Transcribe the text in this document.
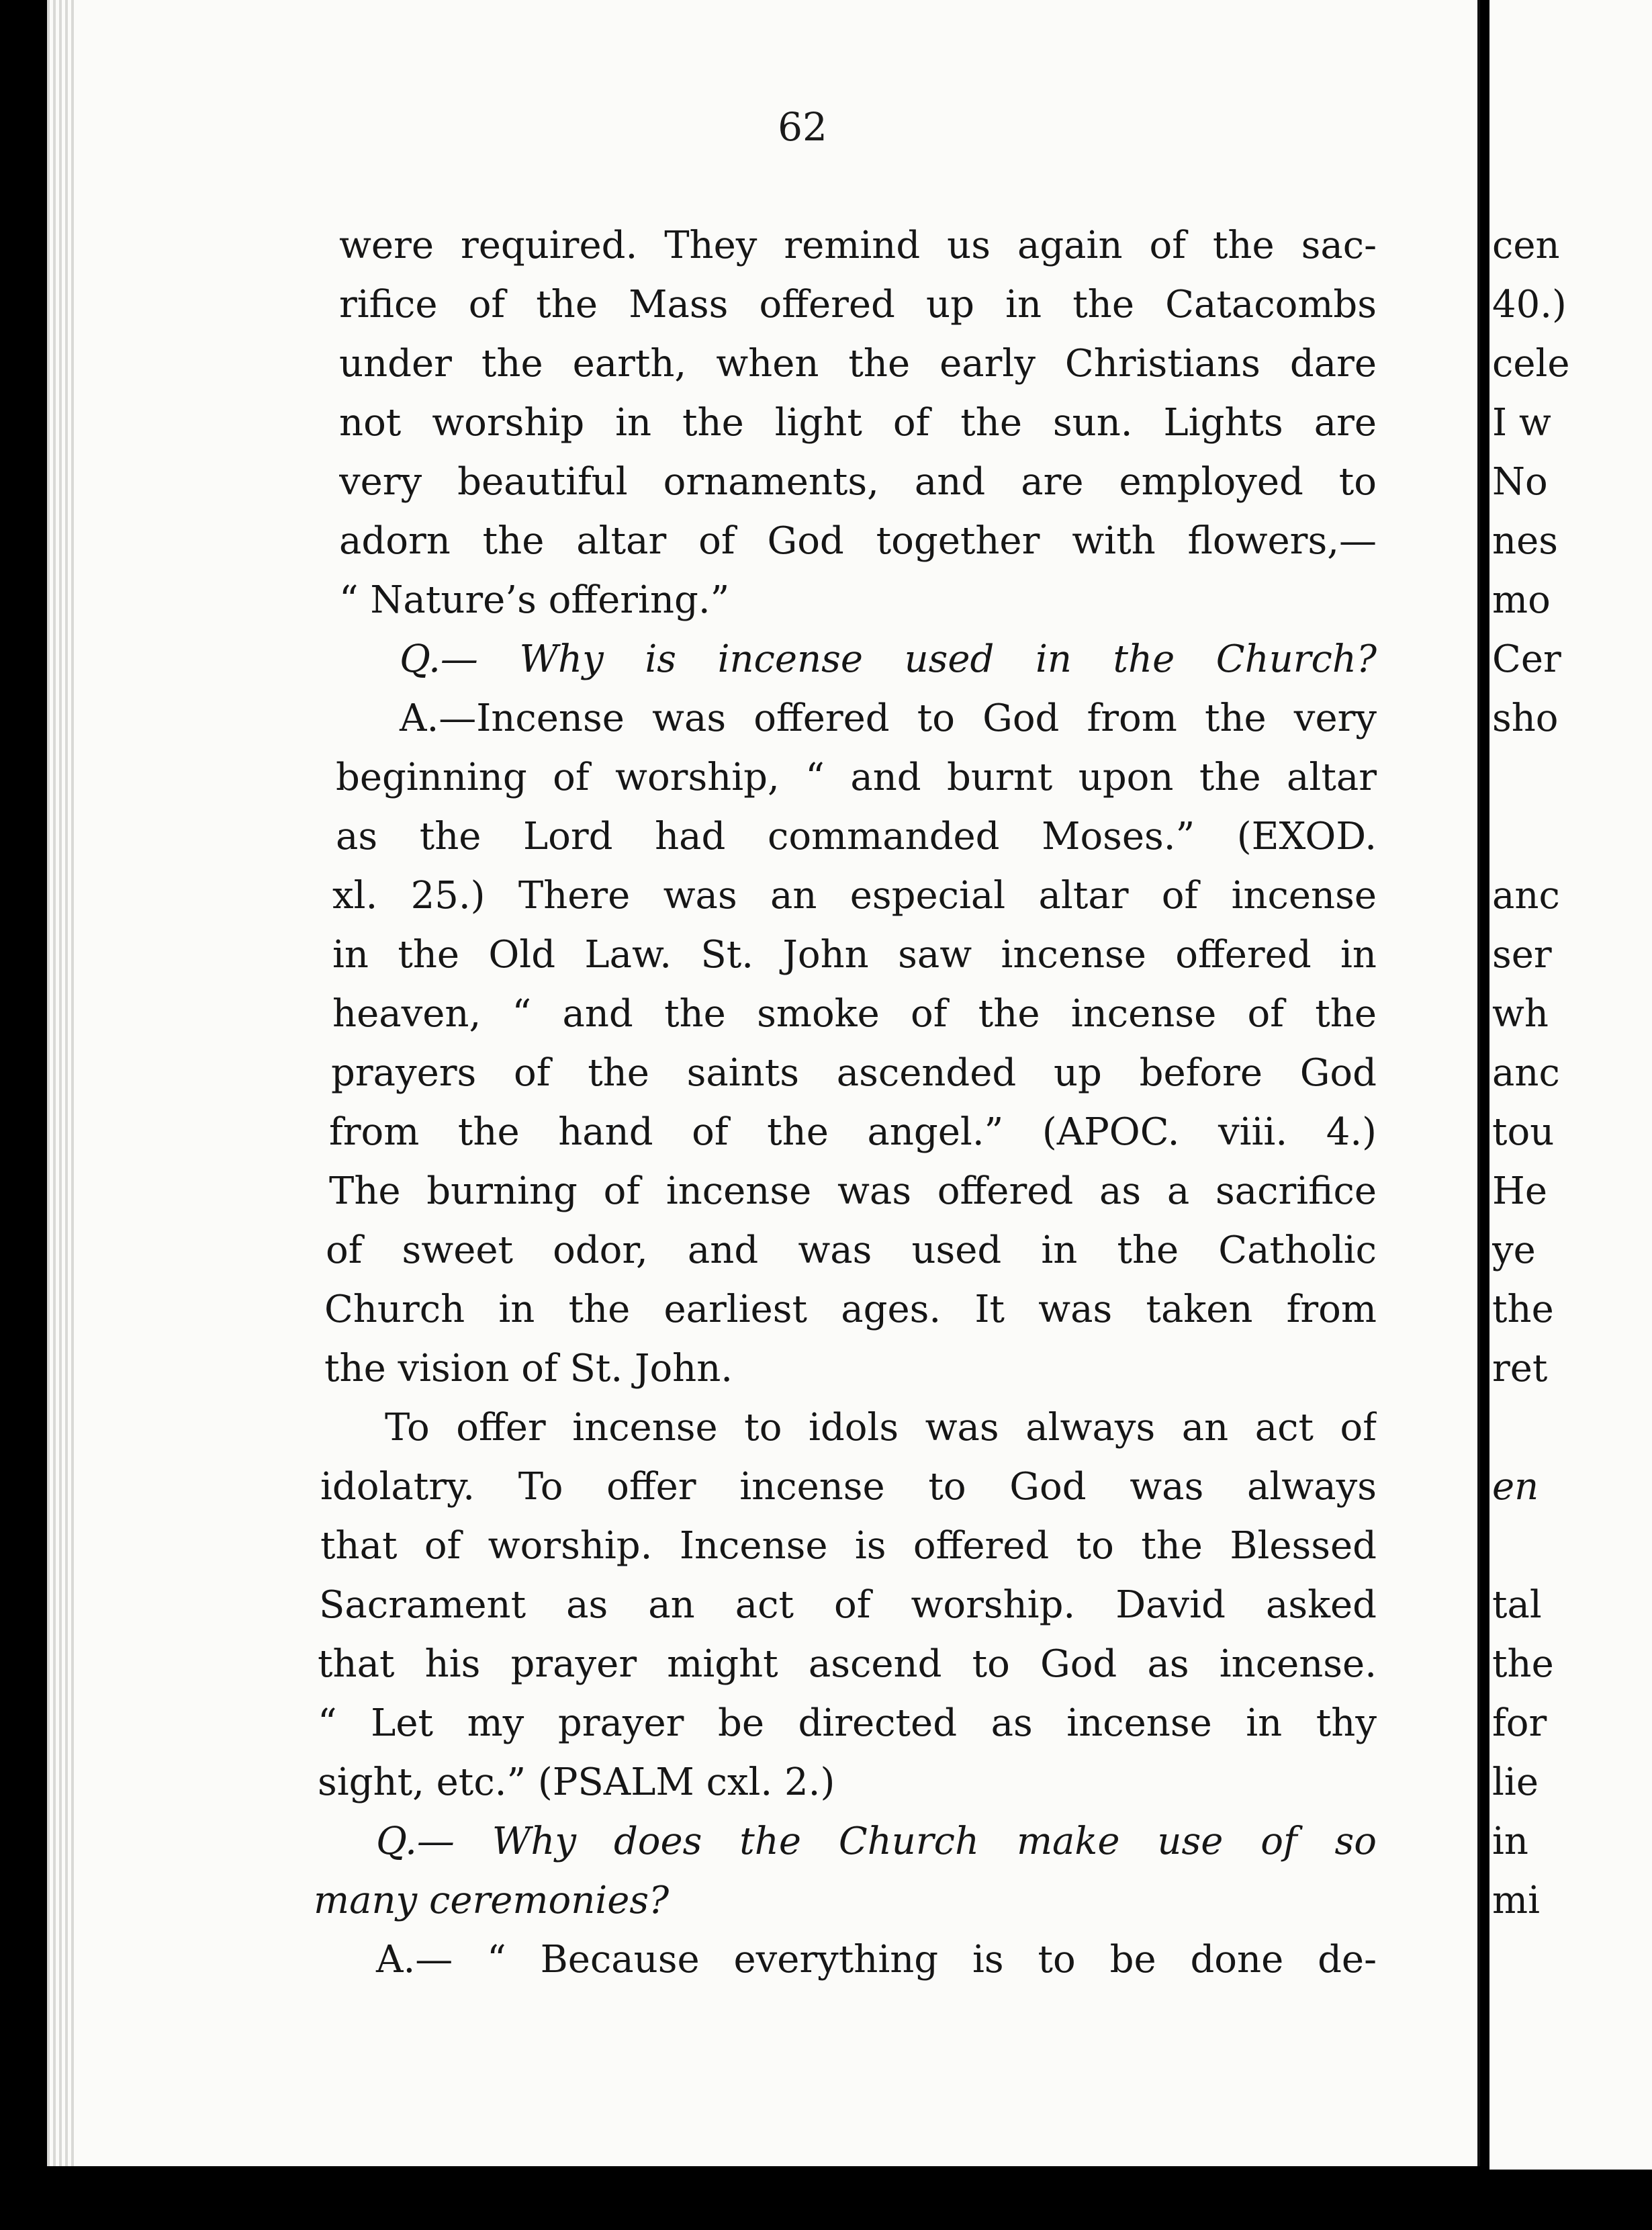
62
were required. They remind us again of the sac-
rifice of the Mass offered up in the Catacombs
under the earth, when the early Christians dare
not worship in the light of the sun. Lights are
very beautiful ornaments, and are employed to
adorn the altar of God together with flowers,—
“ Nature’s offering.”
Q.— Why is incense used in the Church?
A.—Incense was offered to God from the very
beginning of worship, “ and burnt upon the altar
as the Lord had commanded Moses.” (EXOD.
xl. 25.) There was an especial altar of incense
in the Old Law. St. John saw incense offered in
heaven, “ and the smoke of the incense of the
prayers of the saints ascended up before God
from the hand of the angel.” (APOC. viii. 4.)
The burning of incense was offered as a sacrifice
of sweet odor, and was used in the Catholic
Church in the earliest ages. It was taken from
the vision of St. John.
To offer incense to idols was always an act of
idolatry. To offer incense to God was always
that of worship. Incense is offered to the Blessed
Sacrament as an act of worship. David asked
that his prayer might ascend to God as incense.
“ Let my prayer be directed as incense in thy
sight, etc.” (PSALM cxl. 2.)
Q.— Why does the Church make use of so
many ceremonies?
A.— “ Because everything is to be done de-
cen
40.)
cele
I w
No
nes
mo
Cer
sho
anc
ser
wh
anc
tou
He
ye
the
ret
en
tal
the
for
lie
in
mi
